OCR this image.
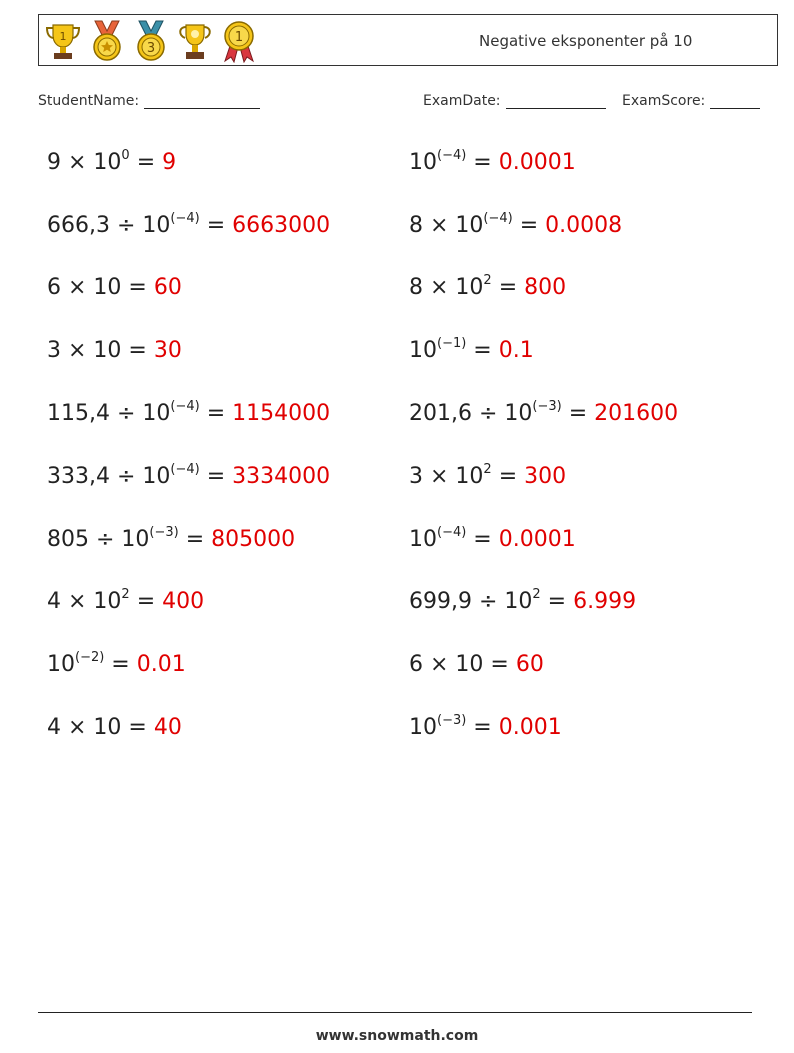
1
3
1	Negative eksponenter på 10
StudentName:	ExamDate:	ExamScore:
$9 \times 10^0 = 9$	$10^{(-4)} = 0.0001$
$666,3 \div 10^{(-4)} = 6663000$	$8 \times 10^{(-4)} = 0.0008$
6 × 10 = 60	$8 \times 10^2 = 800$
3 × 10 = 30	$10^{(-1)} = 0.1$
$115,4 \div 10^{(-4)} = 1154000$	$201,6 \div 10^{(-3)} = 201600$
$333,4 \div 10^{(-4)} = 3334000$	$3 \times 10^2 = 300$
$805 \div 10^{(-3)} = 805000$	$10^{(-4)} = 0.0001$
$4 \times 10^2 = 400$	$699,9 \div 10^2 = 6.999$
$10^{(-2)} = 0.01$	6 × 10 = 60
4 × 10 = 40	$10^{(-3)} = 0.001$
www.snowmath.com
